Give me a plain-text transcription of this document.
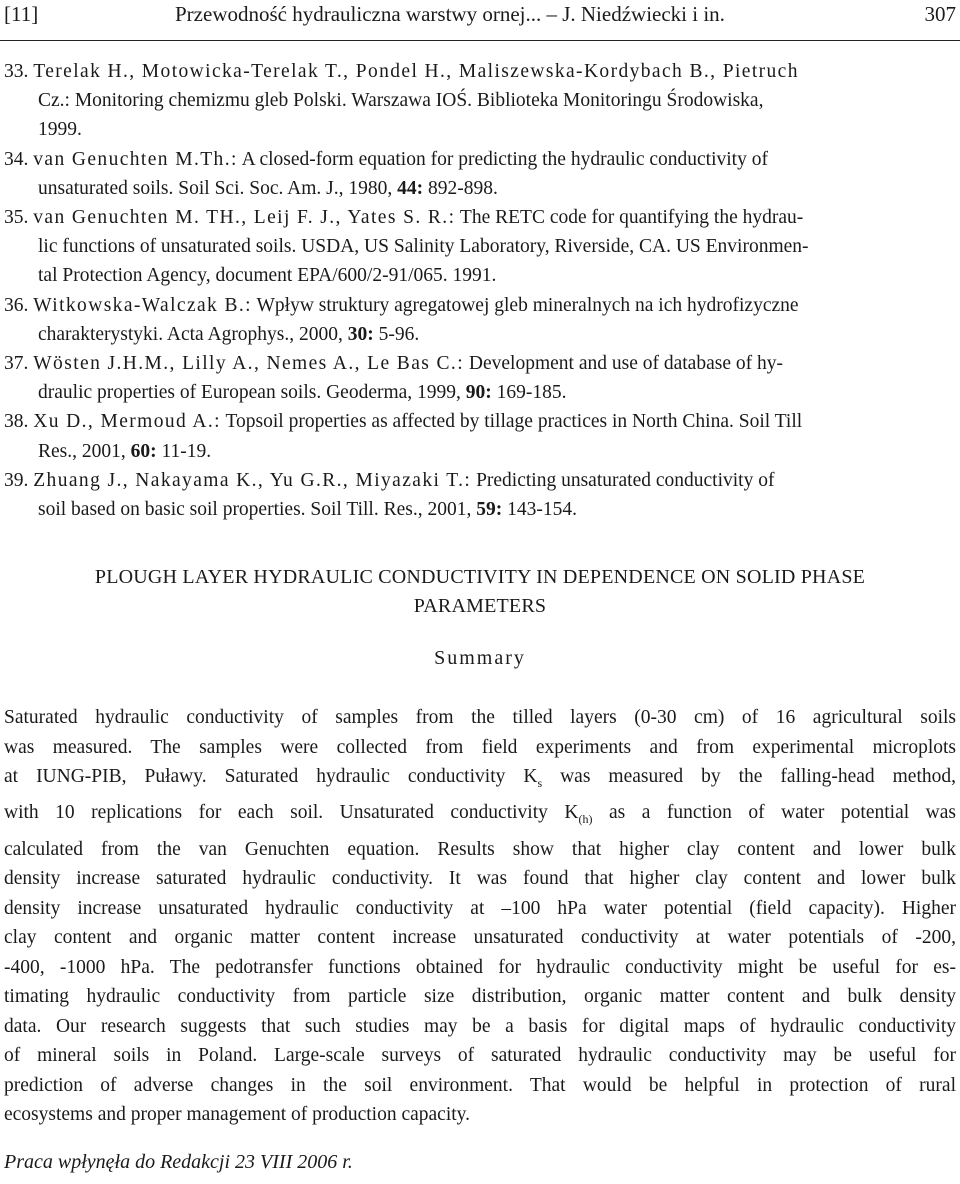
[11]	Przewodność hydrauliczna warstwy ornej... – J. Niedźwiecki i in.	307
33. Terelak H., Motowicka-Terelak T., Pondel H., Maliszewska-Kordybach B., Pietruch

Cz.: Monitoring chemizmu gleb Polski. Warszawa IOŚ. Biblioteka Monitoringu Środowiska,
1999.
34. van Genuchten M.Th.: A closed-form equation for predicting the hydraulic conductivity of

unsaturated soils. Soil Sci. Soc. Am. J., 1980, 44: 892-898.
35. van Genuchten M. TH., Leij F. J., Yates S. R.: The RETC code for quantifying the hydrau-

lic functions of unsaturated soils. USDA, US Salinity Laboratory, Riverside, CA. US Environmen-
tal Protection Agency, document EPA/600/2-91/065. 1991.
36. Witkowska-Walczak B.: Wpływ struktury agregatowej gleb mineralnych na ich hydrofizyczne

charakterystyki. Acta Agrophys., 2000, 30: 5-96.
37. Wösten J.H.M., Lilly A., Nemes A., Le Bas C.: Development and use of database of hy-

draulic properties of European soils. Geoderma, 1999, 90: 169-185.
38. Xu D., Mermoud A.: Topsoil properties as affected by tillage practices in North China. Soil Till

Res., 2001, 60: 11-19.
39. Zhuang J., Nakayama K., Yu G.R., Miyazaki T.: Predicting unsaturated conductivity of

soil based on basic soil properties. Soil Till. Res., 2001, 59: 143-154.
PLOUGH LAYER HYDRAULIC CONDUCTIVITY IN DEPENDENCE ON SOLID PHASE
PARAMETERS
Summary
Saturated hydraulic conductivity of samples from the tilled layers (0-30 cm) of 16 agricultural soils
was measured. The samples were collected from field experiments and from experimental microplots
at IUNG-PIB, Puławy. Saturated hydraulic conductivity $K_s$ was measured by the falling-head method,
with 10 replications for each soil. Unsaturated conductivity $K_{(h)}$ as a function of water potential was
calculated from the van Genuchten equation. Results show that higher clay content and lower bulk
density increase saturated hydraulic conductivity. It was found that higher clay content and lower bulk
density increase unsaturated hydraulic conductivity at –100 hPa water potential (field capacity). Higher
clay content and organic matter content increase unsaturated conductivity at water potentials of -200,
-400, -1000 hPa. The pedotransfer functions obtained for hydraulic conductivity might be useful for es-
timating hydraulic conductivity from particle size distribution, organic matter content and bulk density
data. Our research suggests that such studies may be a basis for digital maps of hydraulic conductivity
of mineral soils in Poland. Large-scale surveys of saturated hydraulic conductivity may be useful for
prediction of adverse changes in the soil environment. That would be helpful in protection of rural
ecosystems and proper management of production capacity.
Praca wpłynęła do Redakcji 23 VIII 2006 r.
